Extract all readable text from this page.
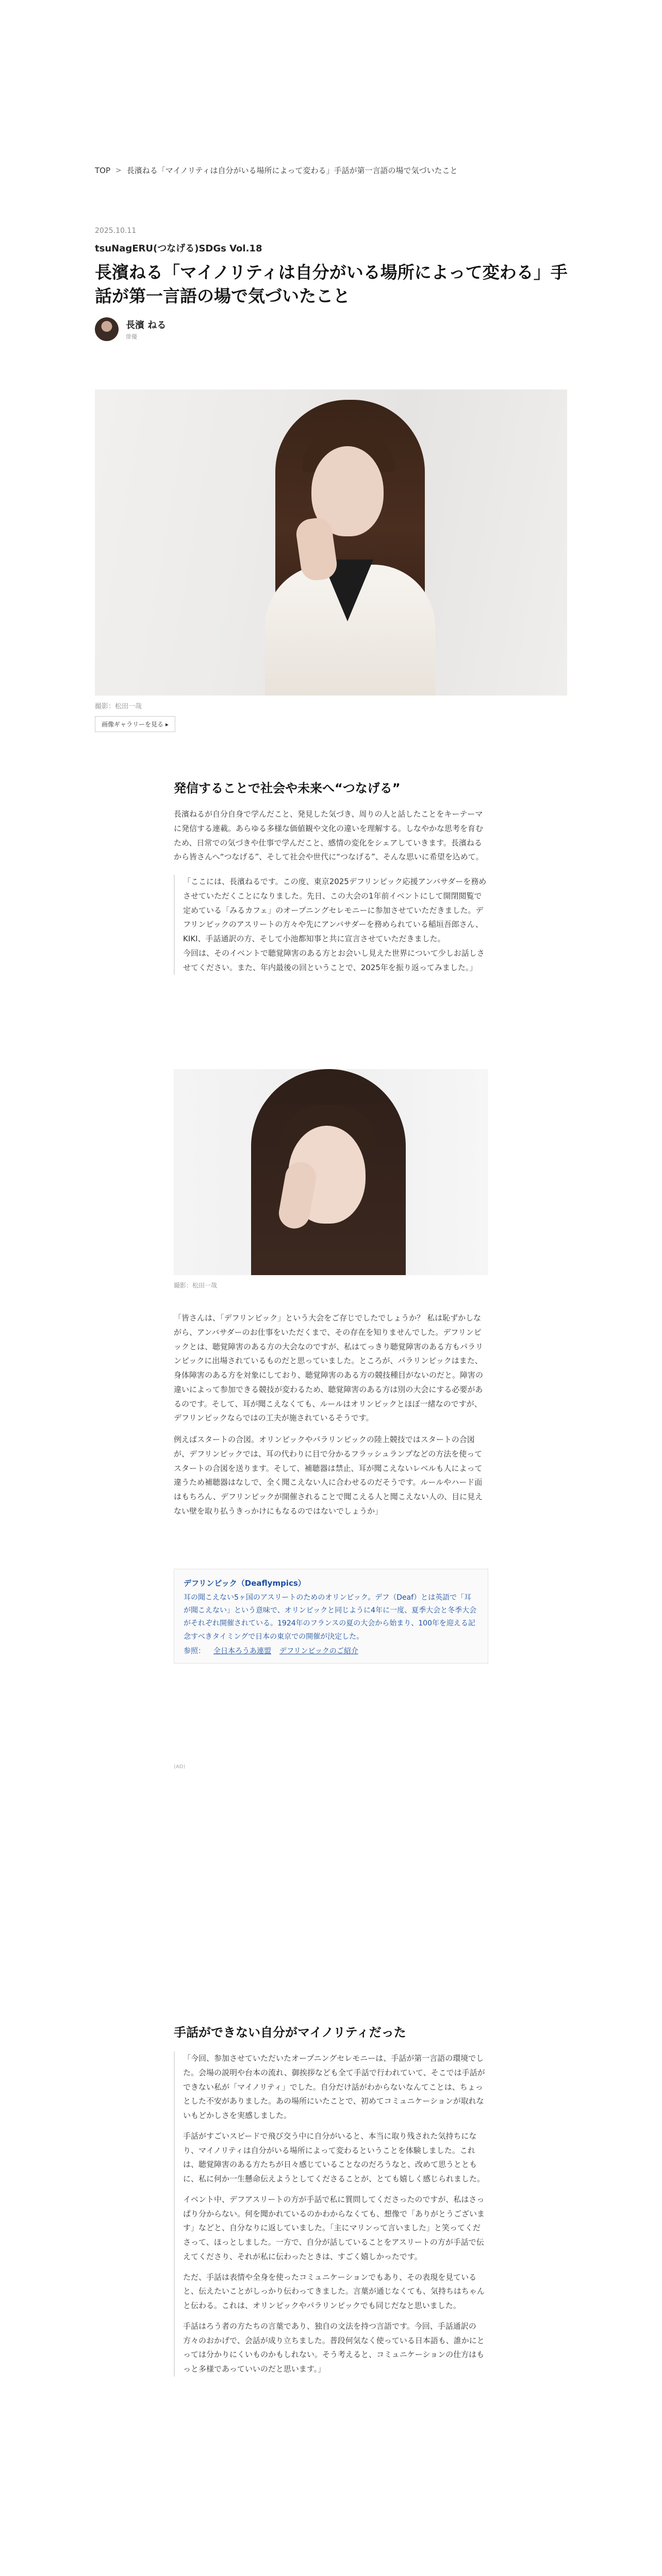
TOP > 長濱ねる「マイノリティは自分がいる場所によって変わる」手話が第一言語の場で気づいたこと
2025.10.11
tsuNagERU(つなげる)SDGs Vol.18
長濱ねる「マイノリティは自分がいる場所によって変わる」手話が第一言語の場で気づいたこと
長濱 ねる
俳優
撮影：松田一哉
画像ギャラリーを見る ▸
発信することで社会や未来へ“つなげる”

長濱ねるが自分自身で学んだこと、発見した気づき、周りの人と話したことをキーテーマに発信する連載。あらゆる多様な価値観や文化の違いを理解する。しなやかな思考を育むため、日常での気づきや仕事で学んだこと、感情の変化をシェアしていきます。長濱ねるから皆さんへ“つなげる”、そして社会や世代に“つなげる”、そんな思いに希望を込めて。

「ここには、長濱ねるです。この度、東京2025デフリンピック応援アンバサダーを務めさせていただくことになりました。先日、この大会の1年前イベントにして開閉閲覧で定めている「みるカフェ」のオープニングセレモニーに参加させていただきました。デフリンピックのアスリートの方々や先にアンバサダーを務められている稲垣吾郎さん、KIKI、手話通訳の方、そして小池都知事と共に宣言させていただきました。

今回は、そのイベントで聴覚障害のある方とお会いし見えた世界について少しお話しさせてください。また、年内最後の回ということで、2025年を振り返ってみました。」

撮影：松田一哉

「皆さんは、「デフリンピック」という大会をご存じでしたでしょうか？ 私は恥ずかしながら、アンバサダーのお仕事をいただくまで、その存在を知りませんでした。デフリンピックとは、聴覚障害のある方の大会なのですが、私はてっきり聴覚障害のある方もパラリンピックに出場されているものだと思っていました。ところが、パラリンピックはまた、身体障害のある方を対象にしており、聴覚障害のある方の競技種目がないのだと。障害の違いによって参加できる競技が変わるため、聴覚障害のある方は別の大会にする必要があるのです。そして、耳が聞こえなくても、ルールはオリンピックとほぼ一緒なのですが、デフリンピックならではの工夫が施されているそうです。

例えばスタートの合図。オリンピックやパラリンピックの陸上競技ではスタートの合図が、デフリンピックでは、耳の代わりに目で分かるフラッシュランプなどの方法を使ってスタートの合図を送ります。そして、補聴器は禁止、耳が聞こえないレベルも人によって違うため補聴器はなしで、全く聞こえない人に合わせるのだそうです。ルールやハード面はもちろん、デフリンピックが開催されることで聞こえる人と聞こえない人の、目に見えない壁を取り払うきっかけにもなるのではないでしょうか」

デフリンピック（Deaflympics）
耳の聞こえない5ヶ国のアスリートのためのオリンピック。デフ（Deaf）とは英語で「耳が聞こえない」という意味で、オリンピックと同じように4年に一度、夏季大会と冬季大会がそれぞれ開催されている。1924年のフランスの夏の大会から始まり、100年を迎える記念すべきタイミングで日本の東京での開催が決定した。
参照： 全日本ろうあ連盟 デフリンピックのご紹介
(AD)
手話ができない自分がマイノリティだった

「今回、参加させていただいたオープニングセレモニーは、手話が第一言語の環境でした。会場の説明や台本の流れ、御挨拶なども全て手話で行われていて、そこでは手話ができない私が「マイノリティ」でした。自分だけ話がわからないなんてことは、ちょっとした不安がありました。あの場所にいたことで、初めてコミュニケーションが取れないもどかしさを実感しました。

手話がすごいスピードで飛び交う中に自分がいると、本当に取り残された気持ちになり、マイノリティは自分がいる場所によって変わるということを体験しました。これは、聴覚障害のある方たちが日々感じていることなのだろうなと、改めて思うとともに、私に何か一生懸命伝えようとしてくださることが、とても嬉しく感じられました。

イベント中、デフアスリートの方が手話で私に質問してくださったのですが、私はさっぱり分からない。何を聞かれているのかわからなくても、想像で「ありがとうございます」などと、自分なりに返していました。「主にマリンって言いました」と笑ってくださって、ほっとしました。一方で、自分が話していることをアスリートの方が手話で伝えてくださり、それが私に伝わったときは、すごく嬉しかったです。

ただ、手話は表情や全身を使ったコミュニケーションでもあり、その表現を見ていると、伝えたいことがしっかり伝わってきました。言葉が通じなくても、気持ちはちゃんと伝わる。これは、オリンピックやパラリンピックでも同じだなと思いました。

手話はろう者の方たちの言葉であり、独自の文法を持つ言語です。今回、手話通訳の方々のおかげで、会話が成り立ちました。普段何気なく使っている日本語も、誰かにとっては分かりにくいものかもしれない。そう考えると、コミュニケーションの仕方はもっと多様であっていいのだと思います。」
